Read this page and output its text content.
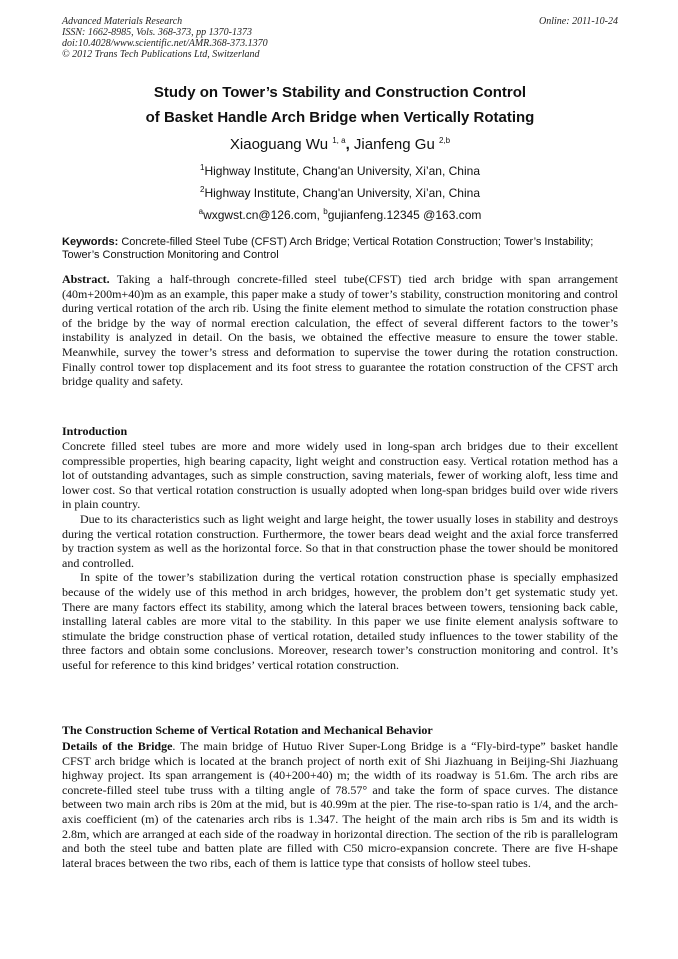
Advanced Materials Research
ISSN: 1662-8985, Vols. 368-373, pp 1370-1373
doi:10.4028/www.scientific.net/AMR.368-373.1370
© 2012 Trans Tech Publications Ltd, Switzerland
Online: 2011-10-24
Study on Tower’s Stability and Construction Control
of Basket Handle Arch Bridge when Vertically Rotating
Xiaoguang Wu $^{1, a}$, Jianfeng Gu $^{2,b}$
$^1$Highway Institute, Chang'an University, Xi’an, China
$^2$Highway Institute, Chang'an University, Xi’an, China
$^a$wxgwst.cn@126.com, $^b$gujianfeng.12345 @163.com
Keywords: Concrete-filled Steel Tube (CFST) Arch Bridge; Vertical Rotation Construction; Tower’s Instability; Tower’s Construction Monitoring and Control
Abstract. Taking a half-through concrete-filled steel tube(CFST) tied arch bridge with span arrangement (40m+200m+40)m as an example, this paper make a study of tower’s stability, construction monitoring and control during vertical rotation of the arch rib. Using the finite element method to simulate the rotation construction phase of the bridge by the way of normal erection calculation, the effect of several different factors to the tower’s instability is analyzed in detail. On the basis, we obtained the effective measure to ensure the tower stable. Meanwhile, survey the tower’s stress and deformation to supervise the tower during the rotation construction. Finally control tower top displacement and its foot stress to guarantee the rotation construction of the CFST arch bridge quality and safety.
Introduction
Concrete filled steel tubes are more and more widely used in long-span arch bridges due to their excellent compressible properties, high bearing capacity, light weight and construction easy. Vertical rotation method has a lot of outstanding advantages, such as simple construction, saving materials, fewer of working aloft, less time and lower cost. So that vertical rotation construction is usually adopted when long-span bridges build over wide rivers in plain country.
Due to its characteristics such as light weight and large height, the tower usually loses in stability and destroys during the vertical rotation construction. Furthermore, the tower bears dead weight and the axial force transferred by traction system as well as the horizontal force. So that in that construction phase the tower should be monitored and controlled.
In spite of the tower’s stabilization during the vertical rotation construction phase is specially emphasized because of the widely use of this method in arch bridges, however, the problem don’t get systematic study yet. There are many factors effect its stability, among which the lateral braces between towers, tensioning back cable, installing lateral cables are more vital to the stability. In this paper we use finite element analysis software to stimulate the bridge construction phase of vertical rotation, detailed study influences to the tower stability of the three factors and obtain some conclusions. Moreover, research tower’s construction monitoring and control. It’s useful for reference to this kind bridges’ vertical rotation construction.
The Construction Scheme of Vertical Rotation and Mechanical Behavior
Details of the Bridge. The main bridge of Hutuo River Super-Long Bridge is a “Fly-bird-type” basket handle CFST arch bridge which is located at the branch project of north exit of Shi Jiazhuang in Beijing-Shi Jiazhuang highway project. Its span arrangement is (40+200+40) m; the width of its roadway is 51.6m. The arch ribs are concrete-filled steel tube truss with a tilting angle of 78.57° and take the form of space curves. The distance between two main arch ribs is 20m at the mid, but is 40.99m at the pier. The rise-to-span ratio is 1/4, and the arch-axis coefficient (m) of the catenaries arch ribs is 1.347. The height of the main arch ribs is 5m and its width is 2.8m, which are arranged at each side of the roadway in horizontal direction. The section of the rib is parallelogram and both the steel tube and batten plate are filled with C50 micro-expansion concrete. There are five H-shape lateral braces between the two ribs, each of them is lattice type that consists of hollow steel tubes.
